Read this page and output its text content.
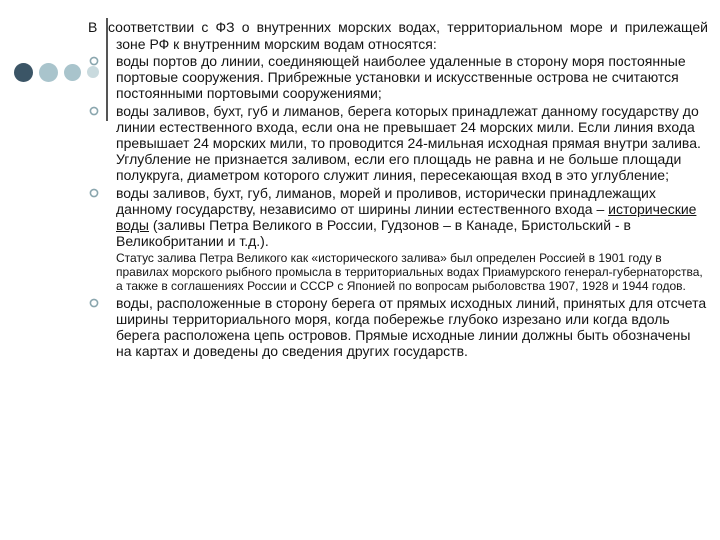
В соответствии с ФЗ о внутренних морских водах, территориальном море и прилежащей зоне РФ к внутренним морским водам относятся:

воды портов до линии, соединяющей наиболее удаленные в сторону моря постоянные портовые сооружения. Прибрежные установки и искусственные острова не считаются постоянными портовыми сооружениями;
воды заливов, бухт, губ и лиманов, берега которых принадлежат данному государству до линии естественного входа, если она не превышает 24 морских мили. Если линия входа превышает 24 морских мили, то проводится 24-мильная исходная прямая внутри залива. Углубление не признается заливом, если его площадь не равна и не больше площади полукруга, диаметром которого служит линия, пересекающая вход в это углубление;
воды заливов, бухт, губ, лиманов, морей и проливов, исторически принадлежащих данному государству, независимо от ширины линии естественного входа – исторические воды (заливы Петра Великого в России, Гудзонов – в Канаде, Бристольский - в Великобритании и т.д.).
Статус залива Петра Великого как «исторического залива» был определен Россией в 1901 году в правилах морского рыбного промысла в территориальных водах Приамурского генерал-губернаторства, а также в соглашениях России и СССР с Японией по вопросам рыболовства 1907, 1928 и 1944 годов.
воды, расположенные в сторону берега от прямых исходных линий, принятых для отсчета ширины территориального моря, когда побережье глубоко изрезано или когда вдоль берега расположена цепь островов. Прямые исходные линии должны быть обозначены на картах и доведены до сведения других государств.
